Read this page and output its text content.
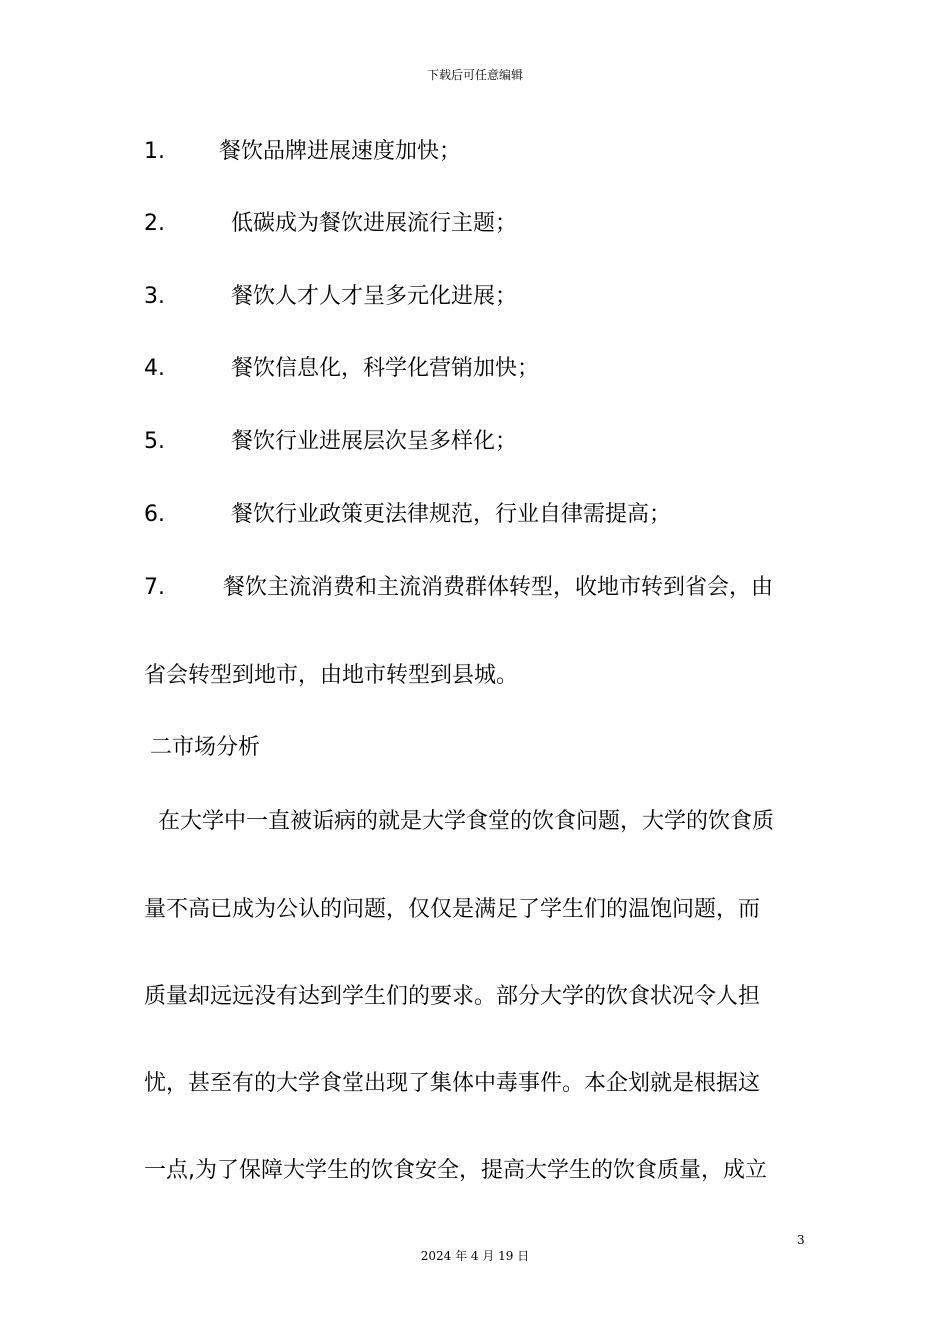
下载后可任意编辑
1. 餐饮品牌进展速度加快；
2.	低碳成为餐饮进展流行主题；
3.	餐饮人才人才呈多元化进展；
4.	餐饮信息化，科学化营销加快；
5.	餐饮行业进展层次呈多样化；
6.	餐饮行业政策更法律规范，行业自律需提高；
7.	餐饮主流消费和主流消费群体转型，收地市转到省会，由
省会转型到地市，由地市转型到县城。
二市场分析
在大学中一直被诟病的就是大学食堂的饮食问题，大学的饮食质
量不高已成为公认的问题，仅仅是满足了学生们的温饱问题，而
质量却远远没有达到学生们的要求。部分大学的饮食状况令人担
忧，甚至有的大学食堂出现了集体中毒事件。本企划就是根据这
一点,为了保障大学生的饮食安全，提高大学生的饮食质量，成立
3
2024 年 4 月 19 日
